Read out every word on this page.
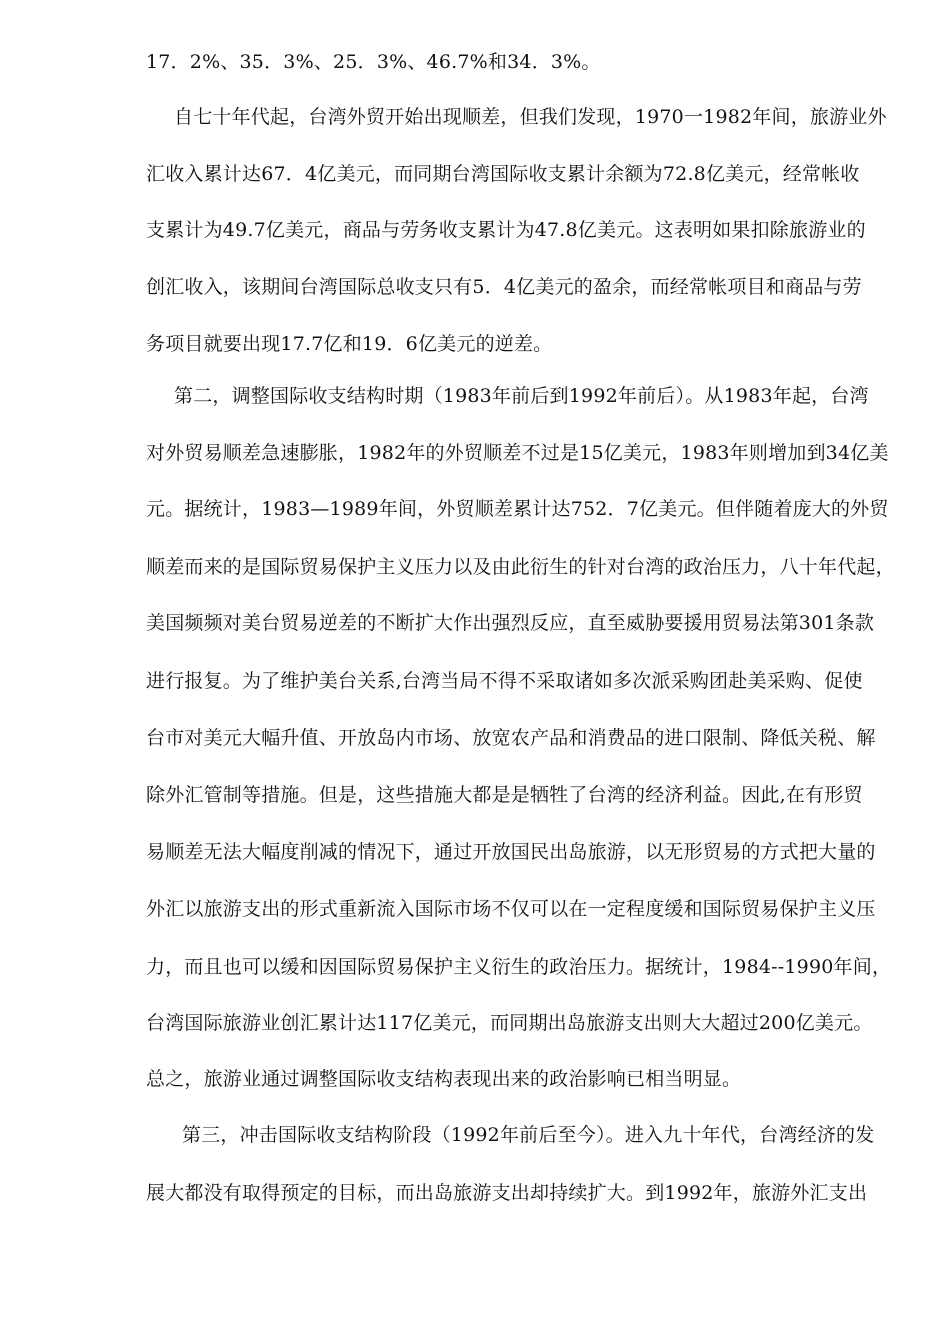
17．2%、35．3%、25．3%、46.7%和34．3%。
自七十年代起，台湾外贸开始出现顺差，但我们发现，1970一1982年间，旅游业外
汇收入累计达67．4亿美元，而同期台湾国际收支累计余额为72.8亿美元，经常帐收
支累计为49.7亿美元，商品与劳务收支累计为47.8亿美元。这表明如果扣除旅游业的
创汇收入，该期间台湾国际总收支只有5．4亿美元的盈余，而经常帐项目和商品与劳
务项目就要出现17.7亿和19．6亿美元的逆差。
第二，调整国际收支结构时期（1983年前后到1992年前后）。从1983年起，台湾
对外贸易顺差急速膨胀，1982年的外贸顺差不过是15亿美元，1983年则增加到34亿美
元。据统计，1983—1989年间，外贸顺差累计达752．7亿美元。但伴随着庞大的外贸
顺差而来的是国际贸易保护主义压力以及由此衍生的针对台湾的政治压力，八十年代起，
美国频频对美台贸易逆差的不断扩大作出强烈反应，直至威胁要援用贸易法第301条款
进行报复。为了维护美台关系,台湾当局不得不采取诸如多次派采购团赴美采购、促使
台市对美元大幅升值、开放岛内市场、放宽农产品和消费品的进口限制、降低关税、解
除外汇管制等措施。但是，这些措施大都是是牺牲了台湾的经济利益。因此,在有形贸
易顺差无法大幅度削减的情况下，通过开放国民出岛旅游，以无形贸易的方式把大量的
外汇以旅游支出的形式重新流入国际市场不仅可以在一定程度缓和国际贸易保护主义压
力，而且也可以缓和因国际贸易保护主义衍生的政治压力。据统计，1984--1990年间，
台湾国际旅游业创汇累计达117亿美元，而同期出岛旅游支出则大大超过200亿美元。
总之，旅游业通过调整国际收支结构表现出来的政治影响已相当明显。
第三，冲击国际收支结构阶段（1992年前后至今）。进入九十年代，台湾经济的发
展大都没有取得预定的目标，而出岛旅游支出却持续扩大。到1992年，旅游外汇支出
